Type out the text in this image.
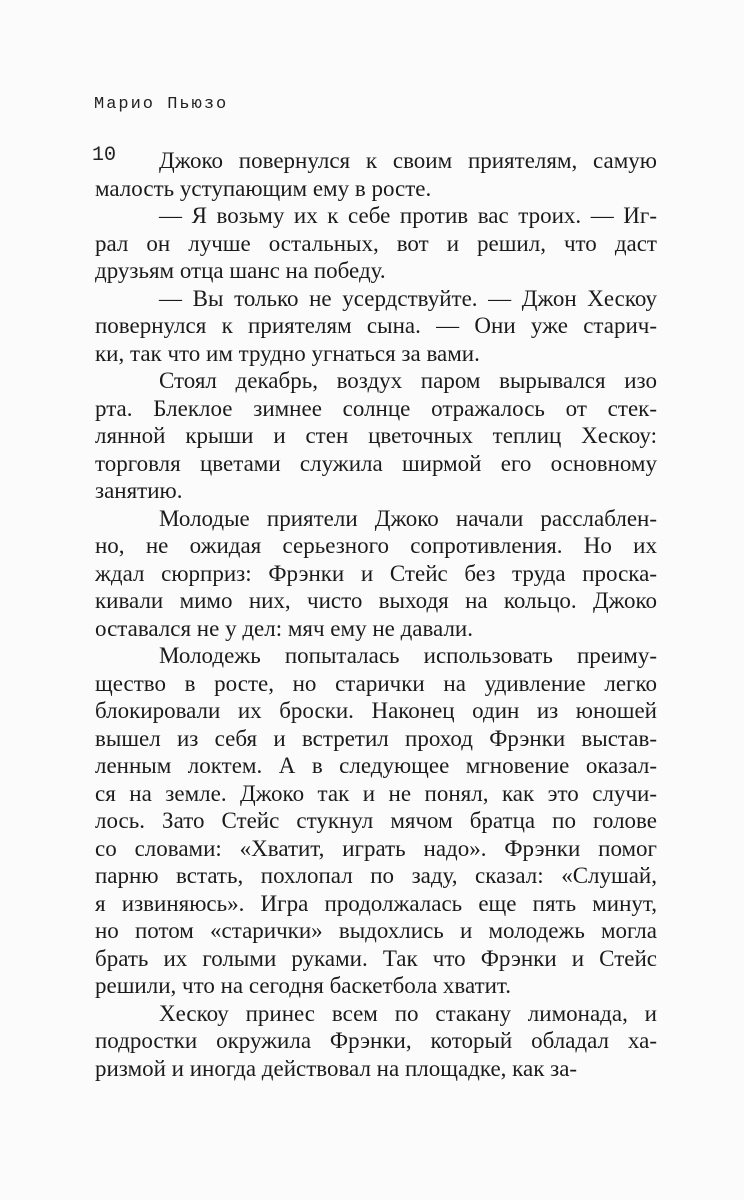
Марио Пьюзо
10	Джоко повернулся к своим приятелям, самую
малость уступающим ему в росте.
— Я возьму их к себе против вас троих. — Иг-
рал он лучше остальных, вот и решил, что даст
друзьям отца шанс на победу.
— Вы только не усердствуйте. — Джон Хескоу
повернулся к приятелям сына. — Они уже старич-
ки, так что им трудно угнаться за вами.
Стоял декабрь, воздух паром вырывался изо
рта. Блеклое зимнее солнце отражалось от стек-
лянной крыши и стен цветочных теплиц Хескоу:
торговля цветами служила ширмой его основному
занятию.
Молодые приятели Джоко начали расслаблен-
но, не ожидая серьезного сопротивления. Но их
ждал сюрприз: Фрэнки и Стейс без труда проска-
кивали мимо них, чисто выходя на кольцо. Джоко
оставался не у дел: мяч ему не давали.
Молодежь попыталась использовать преиму-
щество в росте, но старички на удивление легко
блокировали их броски. Наконец один из юношей
вышел из себя и встретил проход Фрэнки выстав-
ленным локтем. А в следующее мгновение оказал-
ся на земле. Джоко так и не понял, как это случи-
лось. Зато Стейс стукнул мячом братца по голове
со словами: «Хватит, играть надо». Фрэнки помог
парню встать, похлопал по заду, сказал: «Слушай,
я извиняюсь». Игра продолжалась еще пять минут,
но потом «старички» выдохлись и молодежь могла
брать их голыми руками. Так что Фрэнки и Стейс
решили, что на сегодня баскетбола хватит.
Хескоу принес всем по стакану лимонада, и
подростки окружила Фрэнки, который обладал ха-
ризмой и иногда действовал на площадке, как за-
